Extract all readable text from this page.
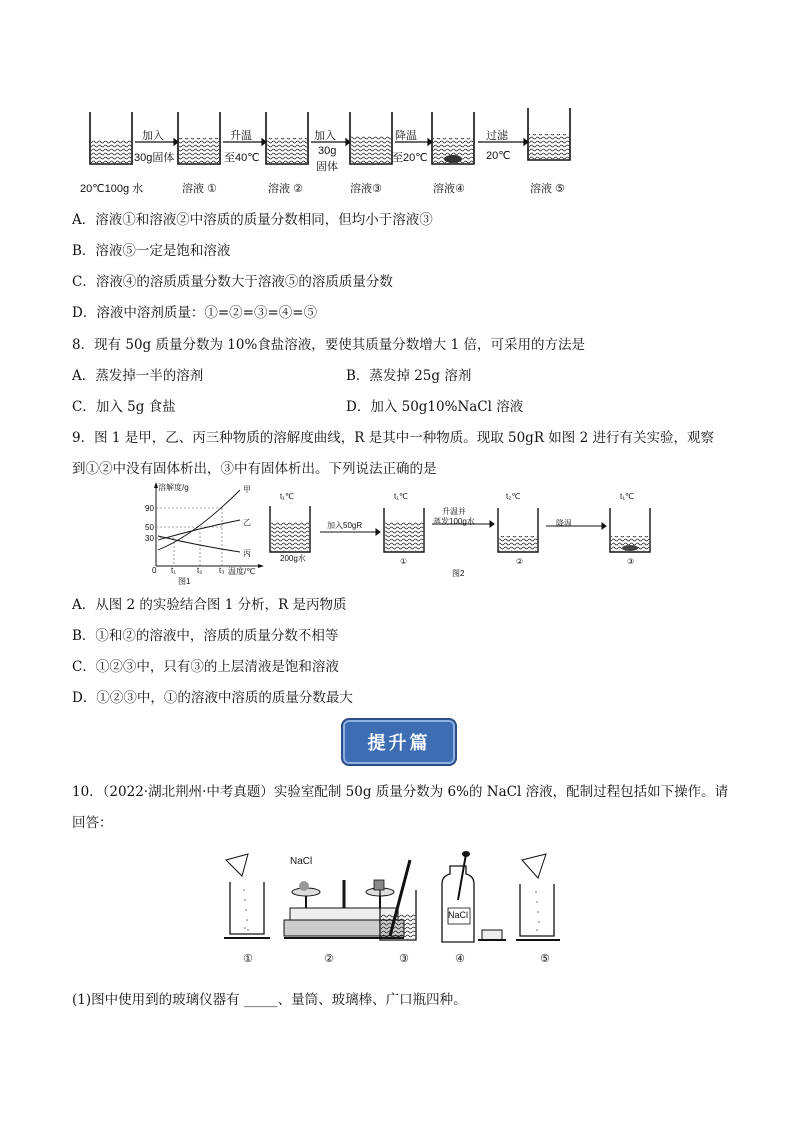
加入
30g固体
升温
至40℃
加入
30g
固体
降温
至20℃
过滤
20℃
20℃100g 水	溶液 ①	溶液 ②	溶液③	溶液④	溶液 ⑤
A．溶液①和溶液②中溶质的质量分数相同，但均小于溶液③
B．溶液⑤一定是饱和溶液
C．溶液④的溶质质量分数大于溶液⑤的溶质质量分数
D．溶液中溶剂质量：①=②=③=④=⑤
8．现有 50g 质量分数为 10%食盐溶液，要使其质量分数增大 1 倍，可采用的方法是
A．蒸发掉一半的溶剂	B．蒸发掉 25g 溶剂
C．加入 5g 食盐	D．加入 50g10%NaCl 溶液
9．图 1 是甲，乙、丙三种物质的溶解度曲线，R 是其中一种物质。现取 50gR 如图 2 进行有关实验，观察
到①②中没有固体析出，③中有固体析出。下列说法正确的是
溶解度/g
90
50
30
0 t₁	t₂ t₃ 温度/℃
甲
乙
丙
图1
t₁℃	t₁℃	t₂℃	t₁℃
200g水
加入50gR
升温并
蒸发100g水	降温
①	②	③
图2
A．从图 2 的实验结合图 1 分析，R 是丙物质
B．①和②的溶液中，溶质的质量分数不相等
C．①②③中，只有③的上层清液是饱和溶液
D．①②③中，①的溶液中溶质的质量分数最大
提升篇
10．（2022·湖北荆州·中考真题）实验室配制 50g 质量分数为 6%的 NaCl 溶液，配制过程包括如下操作。请
回答：
NaCl
NaCl
①	②	③	④	⑤
(1)图中使用到的玻璃仪器有 _____、量筒、玻璃棒、广口瓶四种。
